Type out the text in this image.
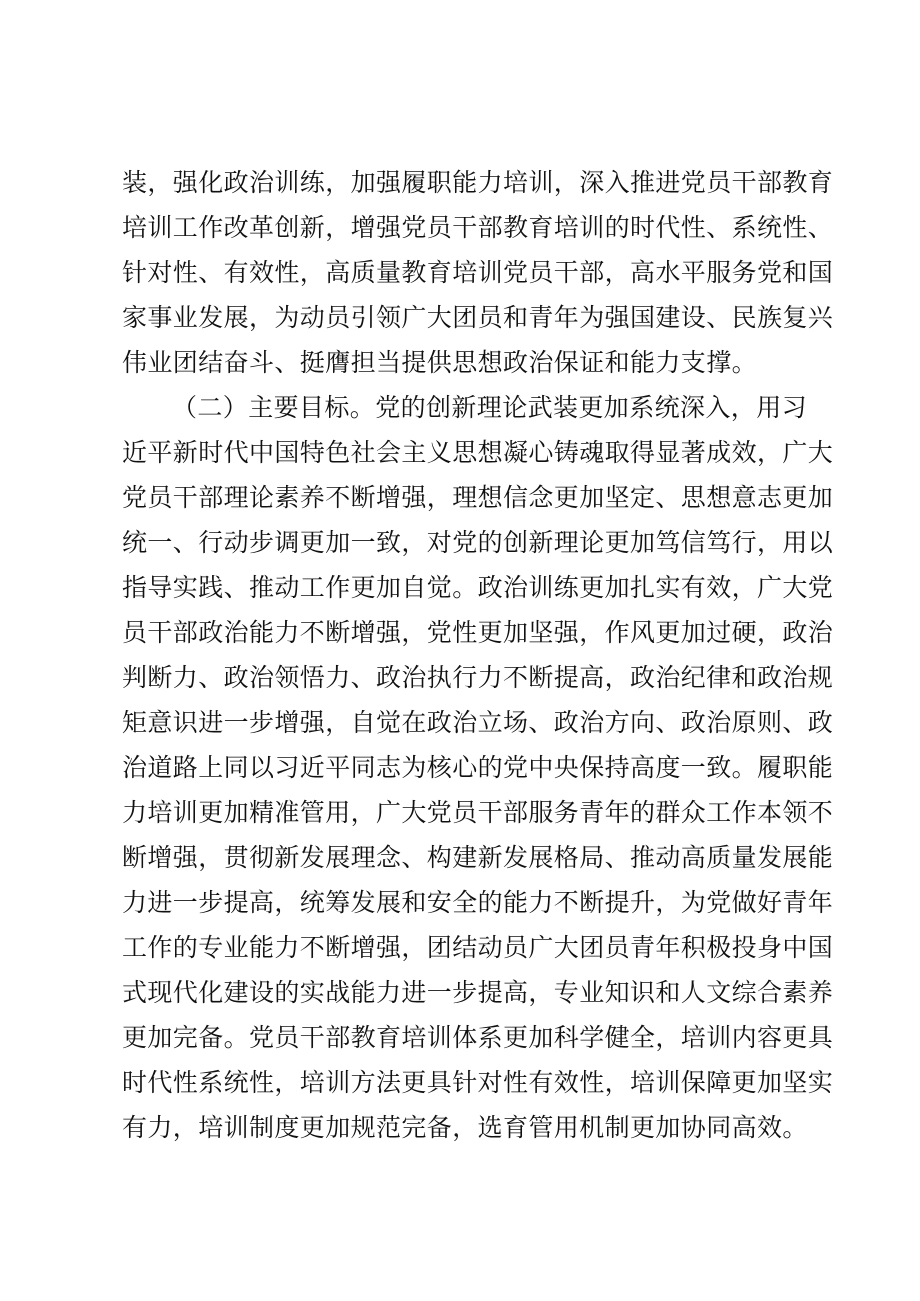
装，强化政治训练，加强履职能力培训，深入推进党员干部教育
培训工作改革创新，增强党员干部教育培训的时代性、系统性、
针对性、有效性，高质量教育培训党员干部，高水平服务党和国
家事业发展，为动员引领广大团员和青年为强国建设、民族复兴
伟业团结奋斗、挺膺担当提供思想政治保证和能力支撑。
（二）主要目标。党的创新理论武装更加系统深入，用习
近平新时代中国特色社会主义思想凝心铸魂取得显著成效，广大
党员干部理论素养不断增强，理想信念更加坚定、思想意志更加
统一、行动步调更加一致，对党的创新理论更加笃信笃行，用以
指导实践、推动工作更加自觉。政治训练更加扎实有效，广大党
员干部政治能力不断增强，党性更加坚强，作风更加过硬，政治
判断力、政治领悟力、政治执行力不断提高，政治纪律和政治规
矩意识进一步增强，自觉在政治立场、政治方向、政治原则、政
治道路上同以习近平同志为核心的党中央保持高度一致。履职能
力培训更加精准管用，广大党员干部服务青年的群众工作本领不
断增强，贯彻新发展理念、构建新发展格局、推动高质量发展能
力进一步提高，统筹发展和安全的能力不断提升，为党做好青年
工作的专业能力不断增强，团结动员广大团员青年积极投身中国
式现代化建设的实战能力进一步提高，专业知识和人文综合素养
更加完备。党员干部教育培训体系更加科学健全，培训内容更具
时代性系统性，培训方法更具针对性有效性，培训保障更加坚实
有力，培训制度更加规范完备，选育管用机制更加协同高效。
